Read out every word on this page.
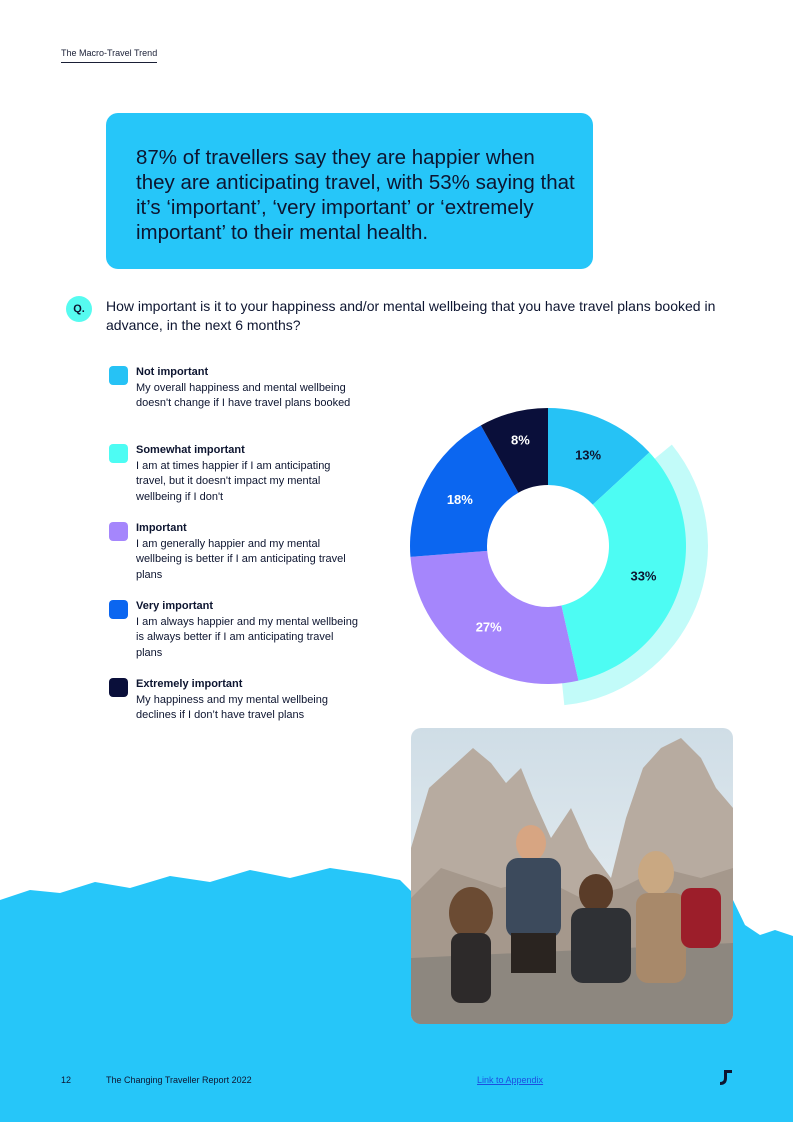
The Macro-Travel Trend

87% of travellers say they are happier when they are anticipating travel, with 53% saying that it’s ‘important’, ‘very important’ or ‘extremely important’ to their mental health.

Q.	How important is it to your happiness and/or mental wellbeing that you have travel plans booked in advance, in the next 6 months?
Not important
My overall happiness and mental wellbeing doesn't change if I have travel plans booked
Somewhat important
I am at times happier if I am anticipating travel, but it doesn't impact my mental wellbeing if I don't
Important
I am generally happier and my mental wellbeing is better if I am anticipating travel plans
Very important
I am always happier and my mental wellbeing is always better if I am anticipating travel plans
Extremely important
My happiness and my mental wellbeing declines if I don’t have travel plans
13%
33%
27%
18%
8%
12	The Changing Traveller Report 2022	Link to Appendix
